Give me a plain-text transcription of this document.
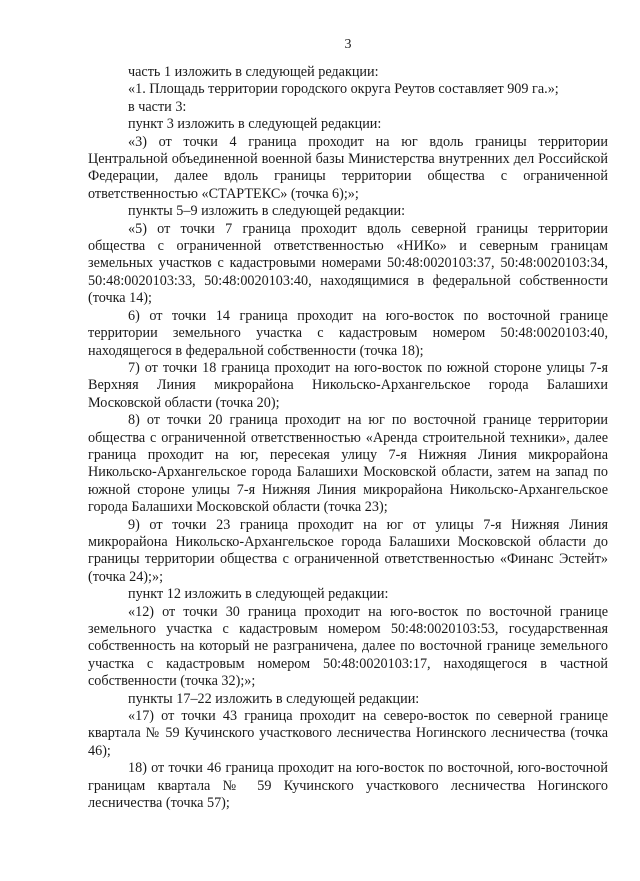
3

часть 1 изложить в следующей редакции:

«1. Площадь территории городского округа Реутов составляет 909 га.»;

в части 3:

пункт 3 изложить в следующей редакции:

«3) от точки 4 граница проходит на юг вдоль границы территории Центральной объединенной военной базы Министерства внутренних дел Российской Федерации, далее вдоль границы территории общества с ограниченной ответственностью «СТАРТЕКС» (точка 6);»;

пункты 5–9 изложить в следующей редакции:

«5) от точки 7 граница проходит вдоль северной границы территории общества с ограниченной ответственностью «НИКо» и северным границам земельных участков с кадастровыми номерами 50:48:0020103:37, 50:48:0020103:34, 50:48:0020103:33, 50:48:0020103:40, находящимися в федеральной собственности (точка 14);

6) от точки 14 граница проходит на юго-восток по восточной границе территории земельного участка с кадастровым номером 50:48:0020103:40, находящегося в федеральной собственности (точка 18);

7) от точки 18 граница проходит на юго-восток по южной стороне улицы 7-я Верхняя Линия микрорайона Никольско-Архангельское города Балашихи Московской области (точка 20);

8) от точки 20 граница проходит на юг по восточной границе территории общества с ограниченной ответственностью «Аренда строительной техники», далее граница проходит на юг, пересекая улицу 7-я Нижняя Линия микрорайона Никольско-Архангельское города Балашихи Московской области, затем на запад по южной стороне улицы 7-я Нижняя Линия микрорайона Никольско-Архангельское города Балашихи Московской области (точка 23);

9) от точки 23 граница проходит на юг от улицы 7-я Нижняя Линия микрорайона Никольско-Архангельское города Балашихи Московской области до границы территории общества с ограниченной ответственностью «Финанс Эстейт» (точка 24);»;

пункт 12 изложить в следующей редакции:

«12) от точки 30 граница проходит на юго-восток по восточной границе земельного участка с кадастровым номером 50:48:0020103:53, государственная собственность на который не разграничена, далее по восточной границе земельного участка с кадастровым номером 50:48:0020103:17, находящегося в частной собственности (точка 32);»;

пункты 17–22 изложить в следующей редакции:

«17) от точки 43 граница проходит на северо-восток по северной границе квартала № 59 Кучинского участкового лесничества Ногинского лесничества (точка 46);

18) от точки 46 граница проходит на юго-восток по восточной, юго-восточной границам квартала № 59 Кучинского участкового лесничества Ногинского лесничества (точка 57);
